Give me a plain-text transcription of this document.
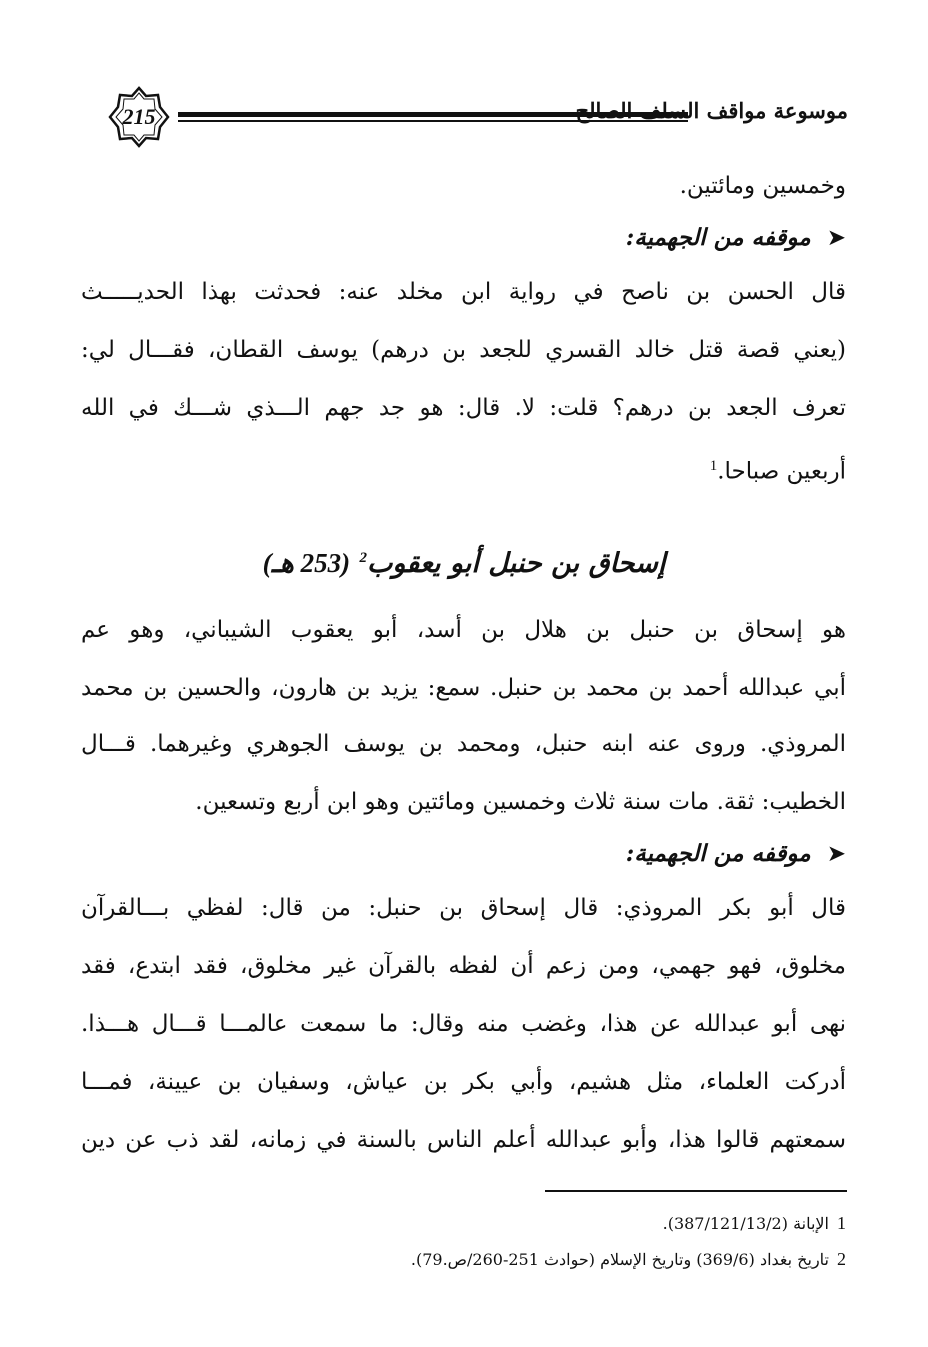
215	موسوعة مواقف السلف الصالح
وخمسين ومائتين.
➤موقفه من الجهمية:
قال الحسن بن ناصح في رواية ابن مخلد عنه: فحدثت بهذا الحديـــــث
(يعني قصة قتل خالد القسري للجعد بن درهم) يوسف القطان، فقـــال لي:
تعرف الجعد بن درهم؟ قلت: لا. قال: هو جد جهم الـــذي شـــك في الله
أربعين صباحا.$^1$
إسحاق بن حنبل أبو يعقوب$^2$ (253 هـ)
هو إسحاق بن حنبل بن هلال بن أسد، أبو يعقوب الشيباني، وهو عم
أبي عبدالله أحمد بن محمد بن حنبل. سمع: يزيد بن هارون، والحسين بن محمد
المروذي. وروى عنه ابنه حنبل، ومحمد بن يوسف الجوهري وغيرهما. قـــال
الخطيب: ثقة. مات سنة ثلاث وخمسين ومائتين وهو ابن أربع وتسعين.
➤موقفه من الجهمية:
قال أبو بكر المروذي: قال إسحاق بن حنبل: من قال: لفظي بـــالقرآن
مخلوق، فهو جهمي، ومن زعم أن لفظه بالقرآن غير مخلوق، فقد ابتدع، فقد
نهى أبو عبدالله عن هذا، وغضب منه وقال: ما سمعت عالمـــا قـــال هـــذا.
أدركت العلماء، مثل هشيم، وأبي بكر بن عياش، وسفيان بن عيينة، فمـــا
سمعتهم قالوا هذا، وأبو عبدالله أعلم الناس بالسنة في زمانه، لقد ذب عن دين
1الإبانة (387/121/13/2).
2تاريخ بغداد (369/6) وتاريخ الإسلام (حوادث 251-260/ص.79).
